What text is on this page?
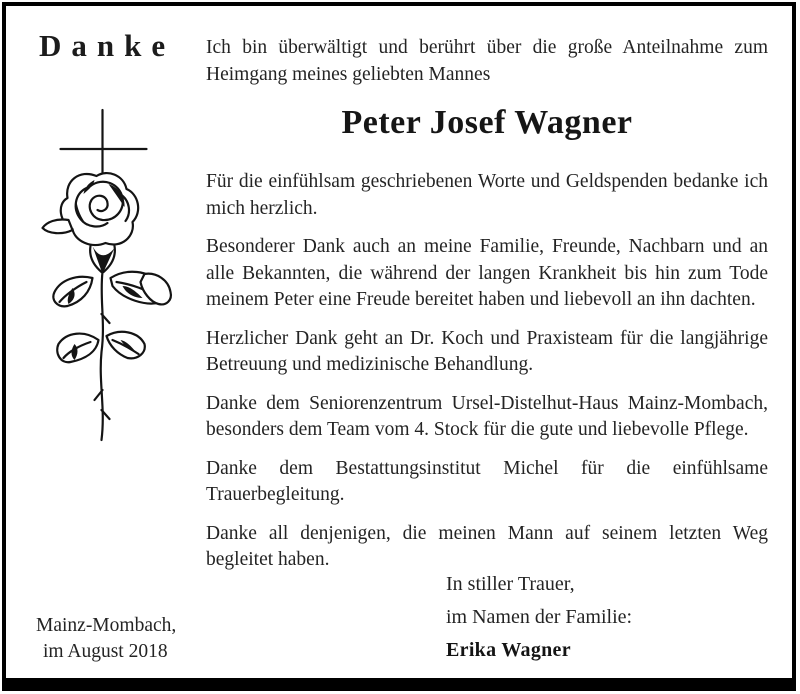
Danke Ich bin überwältigt und berührt über die große Anteilnahme zum Heimgang meines geliebten Mannes

Peter Josef Wagner

Für die einfühlsam geschriebenen Worte und Geldspenden bedanke ich mich herzlich.

Besonderer Dank auch an meine Familie, Freunde, Nachbarn und an alle Bekannten, die während der langen Krankheit bis hin zum Tode meinem Peter eine Freude bereitet haben und liebevoll an ihn dachten.

Herzlicher Dank geht an Dr. Koch und Praxisteam für die langjährige Betreuung und medizinische Behandlung.

Danke dem Seniorenzentrum Ursel-Distelhut-Haus Mainz-Mombach, besonders dem Team vom 4. Stock für die gute und liebevolle Pflege.

Danke dem Bestattungsinstitut Michel für die einfühlsame Trauerbegleitung.

Danke all denjenigen, die meinen Mann auf seinem letzten Weg begleitet haben.

In stiller Trauer,

im Namen der Familie:

Erika Wagner

Mainz-Mombach,

im August 2018
